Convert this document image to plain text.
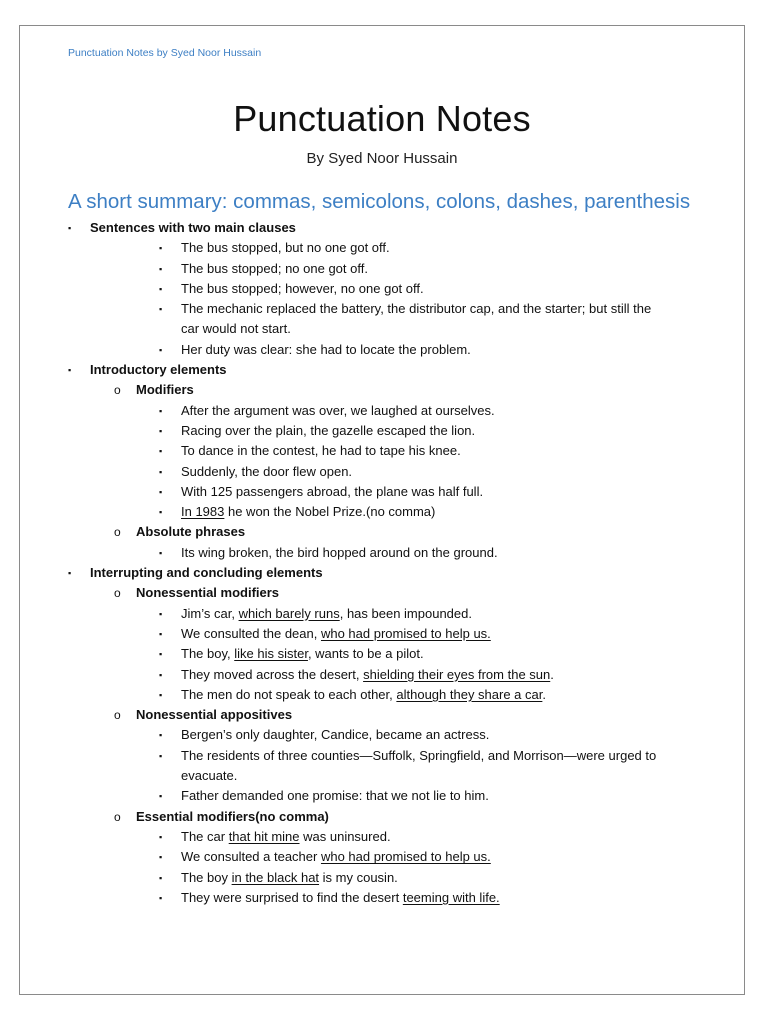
Punctuation Notes by Syed Noor Hussain
Punctuation Notes
By Syed Noor Hussain
A short summary: commas, semicolons, colons, dashes, parenthesis
▪ Sentences with two main clauses
▪ The bus stopped, but no one got off.
▪ The bus stopped; no one got off.
▪ The bus stopped; however, no one got off.
▪ The mechanic replaced the battery, the distributor cap, and the starter; but still the
car would not start.
▪ Her duty was clear: she had to locate the problem.
▪ Introductory elements
o Modifiers
▪ After the argument was over, we laughed at ourselves.
▪ Racing over the plain, the gazelle escaped the lion.
▪ To dance in the contest, he had to tape his knee.
▪ Suddenly, the door flew open.
▪ With 125 passengers abroad, the plane was half full.
▪ In 1983 he won the Nobel Prize.(no comma)
o Absolute phrases
▪ Its wing broken, the bird hopped around on the ground.
▪ Interrupting and concluding elements
o Nonessential modifiers
▪ Jim’s car, which barely runs, has been impounded.
▪ We consulted the dean, who had promised to help us.
▪ The boy, like his sister, wants to be a pilot.
▪ They moved across the desert, shielding their eyes from the sun.
▪ The men do not speak to each other, although they share a car.
o Nonessential appositives
▪ Bergen’s only daughter, Candice, became an actress.
▪ The residents of three counties—Suffolk, Springfield, and Morrison—were urged to
evacuate.
▪ Father demanded one promise: that we not lie to him.
o Essential modifiers(no comma)
▪ The car that hit mine was uninsured.
▪ We consulted a teacher who had promised to help us.
▪ The boy in the black hat is my cousin.
▪ They were surprised to find the desert teeming with life.
